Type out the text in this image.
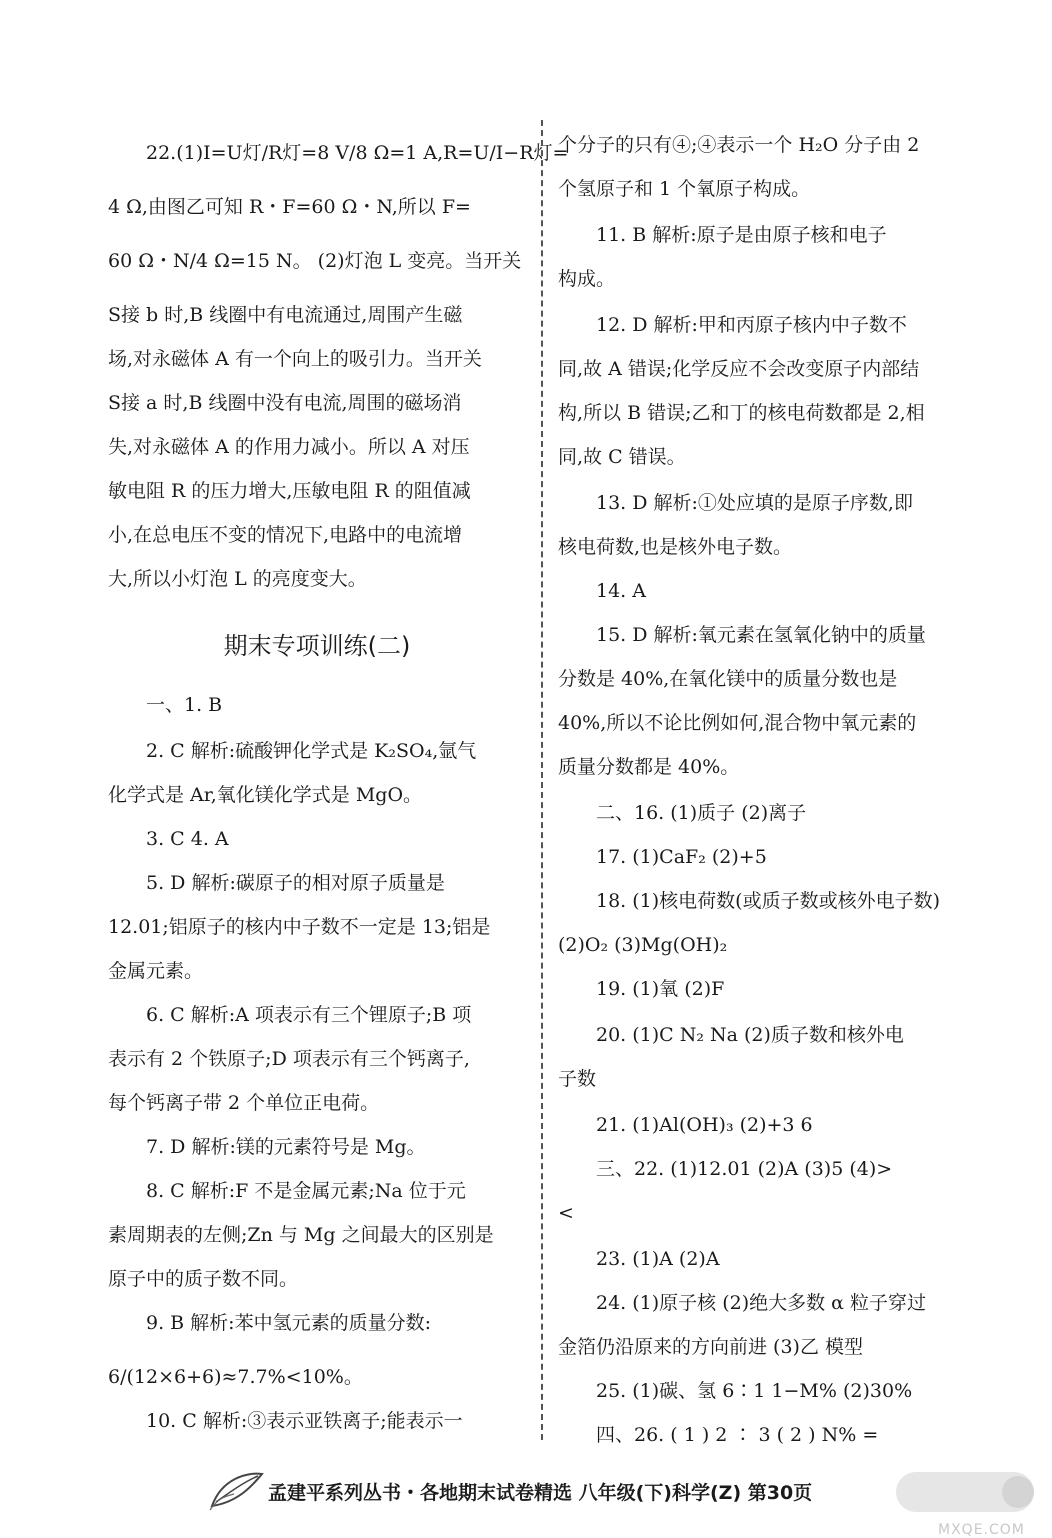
22.(1)I=U灯/R灯=8 V/8 Ω=1 A,R=U/I−R灯=
4 Ω,由图乙可知 R・F=60 Ω・N,所以 F=
60 Ω・N/4 Ω=15 N。 (2)灯泡 L 变亮。当开关
S接 b 时,B 线圈中有电流通过,周围产生磁
场,对永磁体 A 有一个向上的吸引力。当开关
S接 a 时,B 线圈中没有电流,周围的磁场消
失,对永磁体 A 的作用力减小。所以 A 对压
敏电阻 R 的压力增大,压敏电阻 R 的阻值减
小,在总电压不变的情况下,电路中的电流增
大,所以小灯泡 L 的亮度变大。
一、1. B
2. C 解析:硫酸钾化学式是 K₂SO₄,氩气
化学式是 Ar,氧化镁化学式是 MgO。
3. C 4. A
5. D 解析:碳原子的相对原子质量是
12.01;铝原子的核内中子数不一定是 13;铝是
金属元素。
6. C 解析:A 项表示有三个锂原子;B 项
表示有 2 个铁原子;D 项表示有三个钙离子,
每个钙离子带 2 个单位正电荷。
7. D 解析:镁的元素符号是 Mg。
8. C 解析:F 不是金属元素;Na 位于元
素周期表的左侧;Zn 与 Mg 之间最大的区别是
原子中的质子数不同。
9. B 解析:苯中氢元素的质量分数:
6/(12×6+6)≈7.7%<10%。
10. C 解析:③表示亚铁离子;能表示一
个分子的只有④;④表示一个 H₂O 分子由 2
个氢原子和 1 个氧原子构成。
11. B 解析:原子是由原子核和电子
构成。
12. D 解析:甲和丙原子核内中子数不
同,故 A 错误;化学反应不会改变原子内部结
构,所以 B 错误;乙和丁的核电荷数都是 2,相
同,故 C 错误。
13. D 解析:①处应填的是原子序数,即
核电荷数,也是核外电子数。
14. A
15. D 解析:氧元素在氢氧化钠中的质量
分数是 40%,在氧化镁中的质量分数也是
40%,所以不论比例如何,混合物中氧元素的
质量分数都是 40%。
二、16. (1)质子 (2)离子
17. (1)CaF₂ (2)+5
18. (1)核电荷数(或质子数或核外电子数)
(2)O₂ (3)Mg(OH)₂
19. (1)氧 (2)F
20. (1)C N₂ Na (2)质子数和核外电
子数
21. (1)Al(OH)₃ (2)+3 6
三、22. (1)12.01 (2)A (3)5 (4)>
<
23. (1)A (2)A
24. (1)原子核 (2)绝大多数 α 粒子穿过
金箔仍沿原来的方向前进 (3)乙 模型
25. (1)碳、氢 6∶1 1−M% (2)30%
四、26. ( 1 ) 2 ∶ 3 ( 2 ) N% =
期末专项训练(二)
孟建平系列丛书・各地期末试卷精选 八年级(下)科学(Z) 第30页
MXQE.COM
